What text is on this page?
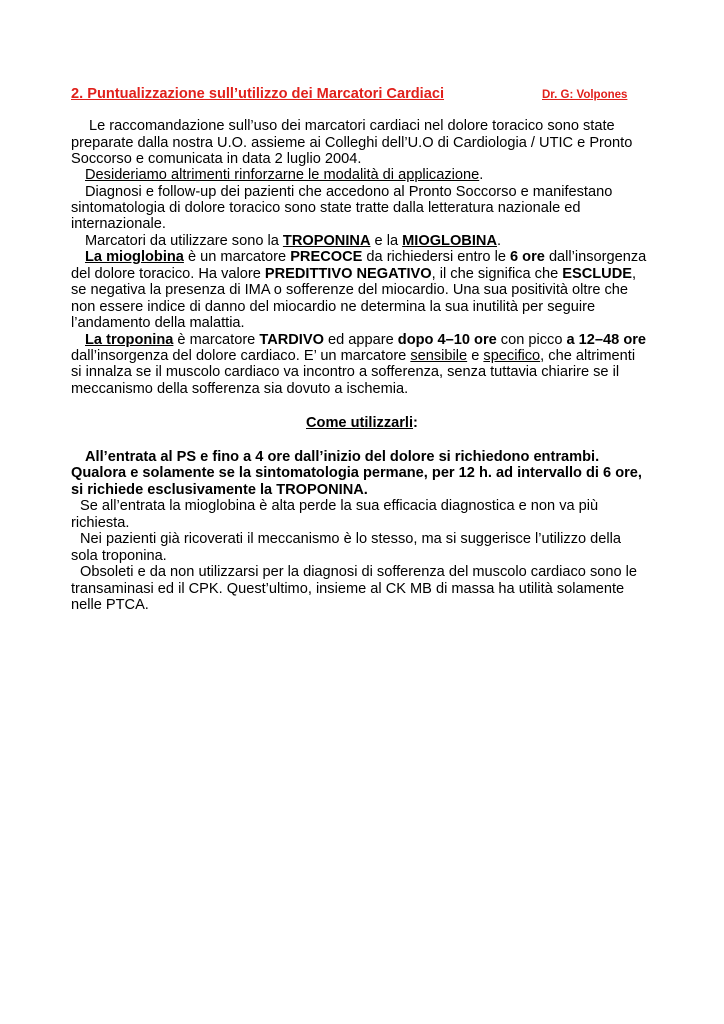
2. Puntualizzazione sull’utilizzo dei Marcatori Cardiaci	Dr. G: Volpones
Le raccomandazione sull’uso dei marcatori cardiaci nel dolore toracico sono state
preparate dalla nostra U.O. assieme ai Colleghi dell’U.O di Cardiologia / UTIC e Pronto
Soccorso e comunicata in data 2 luglio 2004.
Desideriamo altrimenti rinforzarne le modalità di applicazione.
Diagnosi e follow-up dei pazienti che accedono al Pronto Soccorso e manifestano
sintomatologia di dolore toracico sono state tratte dalla letteratura nazionale ed
internazionale.
Marcatori da utilizzare sono la TROPONINA e la MIOGLOBINA.
La mioglobina è un marcatore PRECOCE da richiedersi entro le 6 ore dall’insorgenza
del dolore toracico. Ha valore PREDITTIVO NEGATIVO, il che significa che ESCLUDE,
se negativa la presenza di IMA o sofferenze del miocardio. Una sua positività oltre che
non essere indice di danno del miocardio ne determina la sua inutilità per seguire
l’andamento della malattia.
La troponina è marcatore TARDIVO ed appare dopo 4–10 ore con picco a 12–48 ore
dall’insorgenza del dolore cardiaco. E’ un marcatore sensibile e specifico, che altrimenti
si innalza se il muscolo cardiaco va incontro a sofferenza, senza tuttavia chiarire se il
meccanismo della sofferenza sia dovuto a ischemia.
Come utilizzarli:
All’entrata al PS e fino a 4 ore dall’inizio del dolore si richiedono entrambi.
Qualora e solamente se la sintomatologia permane, per 12 h. ad intervallo di 6 ore,
si richiede esclusivamente la TROPONINA.
Se all’entrata la mioglobina è alta perde la sua efficacia diagnostica e non va più
richiesta.
Nei pazienti già ricoverati il meccanismo è lo stesso, ma si suggerisce l’utilizzo della
sola troponina.
Obsoleti e da non utilizzarsi per la diagnosi di sofferenza del muscolo cardiaco sono le
transaminasi ed il CPK. Quest’ultimo, insieme al CK MB di massa ha utilità solamente
nelle PTCA.
